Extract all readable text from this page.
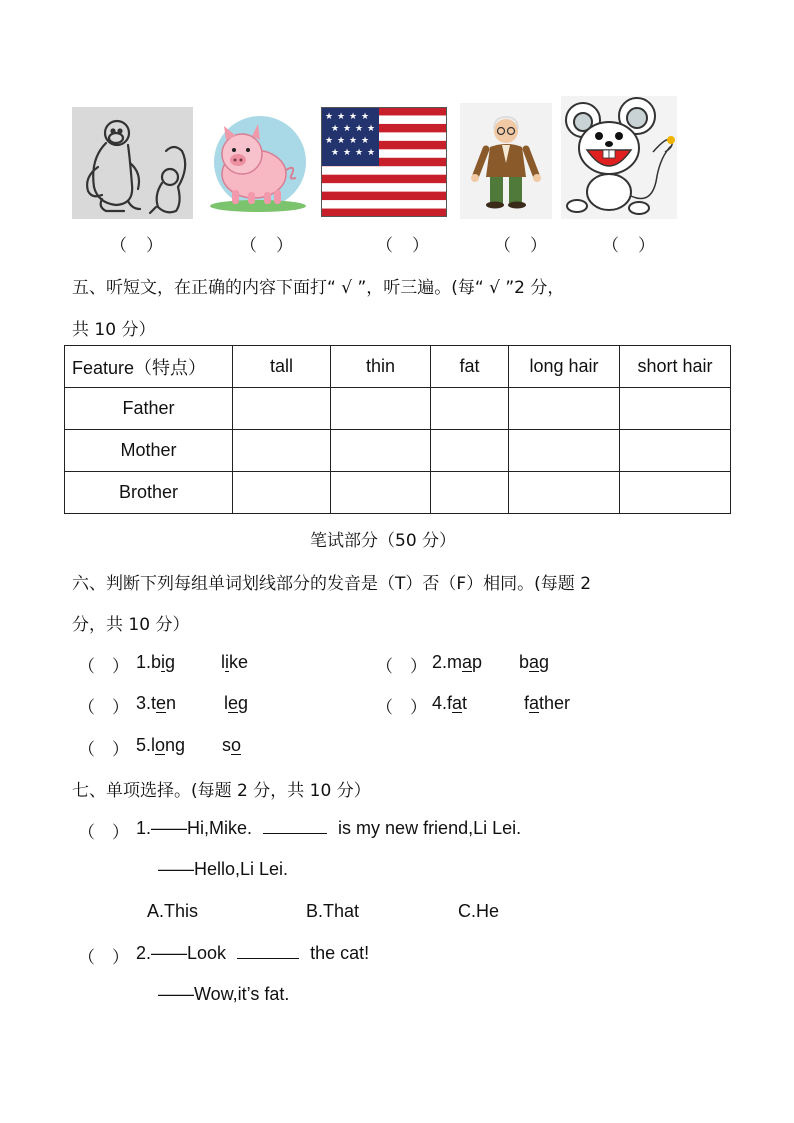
★ ★ ★ ★
★ ★ ★ ★
★ ★ ★ ★
★ ★ ★ ★
（　）	（　）	（　）	（　）	（　）
五、听短文，在正确的内容下面打“ √ ”，听三遍。(每“ √ ”2 分，
共 10 分）
Feature（特点）	tall	thin	fat	long hair	short hair
Father					
Mother					
Brother					
笔试部分（50 分）
六、判断下列每组单词划线部分的发音是（T）否（F）相同。(每题 2
分，共 10 分）
（　） 1.big	like	（　） 2.map bag
（　） 3.ten	leg	（　） 4.fat	father
（　） 5.long so
七、单项选择。(每题 2 分，共 10 分）
（　） 1.——Hi,Mike.	is my new friend,Li Lei.
——Hello,Li Lei.
A.This	B.That	C.He
（　） 2.——Look	the cat!
——Wow,it’s fat.
